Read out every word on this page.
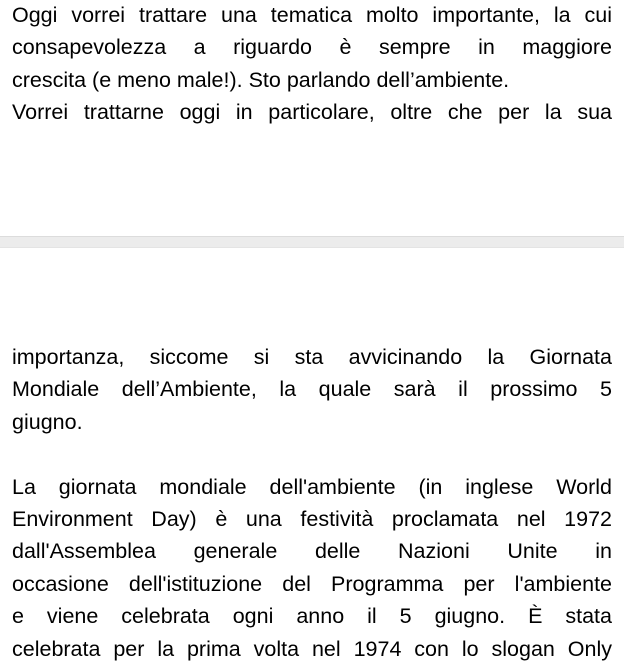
Oggi vorrei trattare una tematica molto importante, la cui
consapevolezza a riguardo è sempre in maggiore
crescita (e meno male!). Sto parlando dell’ambiente.
Vorrei trattarne oggi in particolare, oltre che per la sua
importanza, siccome si sta avvicinando la Giornata
Mondiale dell’Ambiente, la quale sarà il prossimo 5
giugno.
La giornata mondiale dell'ambiente (in inglese World
Environment Day) è una festività proclamata nel 1972
dall'Assemblea generale delle Nazioni Unite in
occasione dell'istituzione del Programma per l'ambiente
e viene celebrata ogni anno il 5 giugno. È stata
celebrata per la prima volta nel 1974 con lo slogan Only
